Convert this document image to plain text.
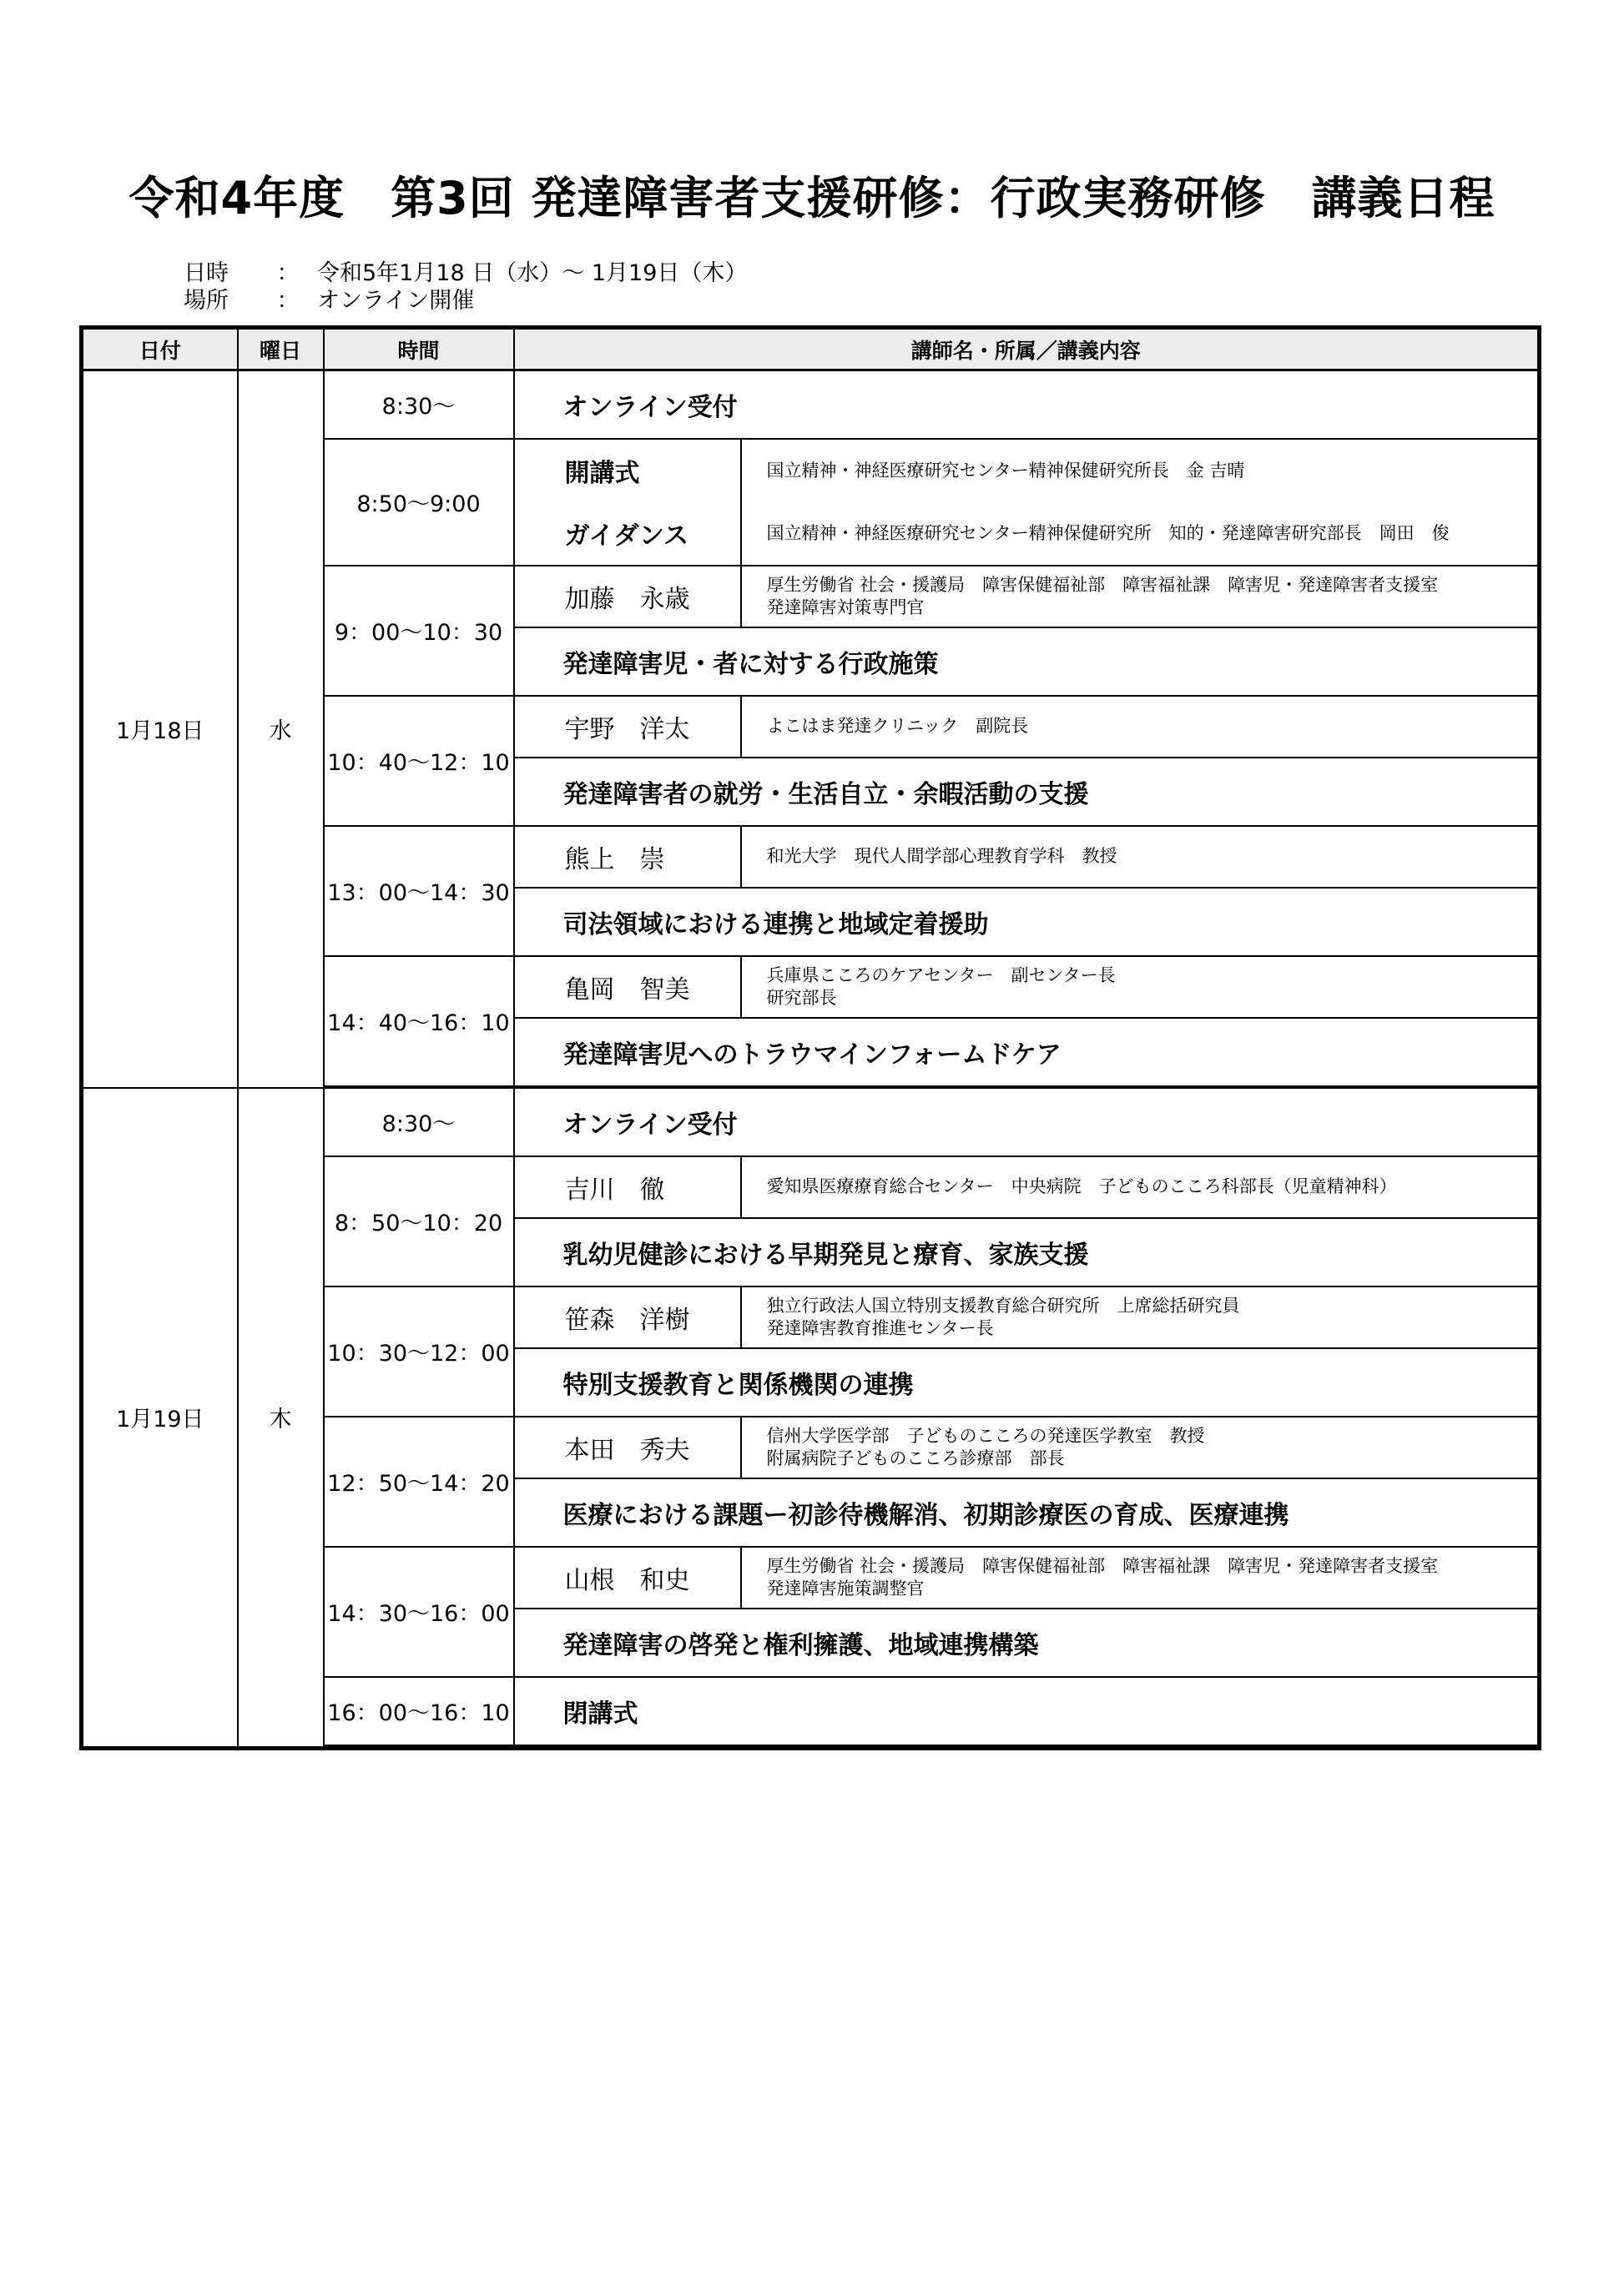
令和4年度　第3回 発達障害者支援研修：行政実務研修　講義日程
日時 ： 令和5年1月18 日（水）～ 1月19日（木）
場所 ： オンライン開催
日付	曜日	時間	講師名・所属／講義内容	
1月18日	水	8:30～	オンライン受付	
		8:50～9:00	開講式	国立精神・神経医療研究センター精神保健研究所長　金 吉晴
			ガイダンス	国立精神・神経医療研究センター精神保健研究所　知的・発達障害研究部長　岡田　俊
		9：00～10：30	加藤　永歳	厚生労働省 社会・援護局　障害保健福祉部　障害福祉課　障害児・発達障害者支援室
発達障害対策専門官

			発達障害児・者に対する行政施策	
		10：40～12：10	宇野　洋太	よこはま発達クリニック　副院長
			発達障害者の就労・生活自立・余暇活動の支援	
		13：00～14：30	熊上　崇	和光大学　現代人間学部心理教育学科　教授
			司法領域における連携と地域定着援助	
		14：40～16：10	亀岡　智美	兵庫県こころのケアセンター　副センター長
研究部長

			発達障害児へのトラウマインフォームドケア	

1月19日	木	8:30～	オンライン受付	
		8：50～10：20	吉川　徹	愛知県医療療育総合センター　中央病院　子どものこころ科部長（児童精神科）
			乳幼児健診における早期発見と療育、家族支援	
		10：30～12：00	笹森　洋樹	独立行政法人国立特別支援教育総合研究所　上席総括研究員
発達障害教育推進センター長

			特別支援教育と関係機関の連携	
		12：50～14：20	本田　秀夫	信州大学医学部　子どものこころの発達医学教室　教授
附属病院子どものこころ診療部　部長

			医療における課題ー初診待機解消、初期診療医の育成、医療連携	
		14：30～16：00	山根　和史	厚生労働省 社会・援護局　障害保健福祉部　障害福祉課　障害児・発達障害者支援室
発達障害施策調整官

			発達障害の啓発と権利擁護、地域連携構築	
		16：00～16：10	閉講式	
